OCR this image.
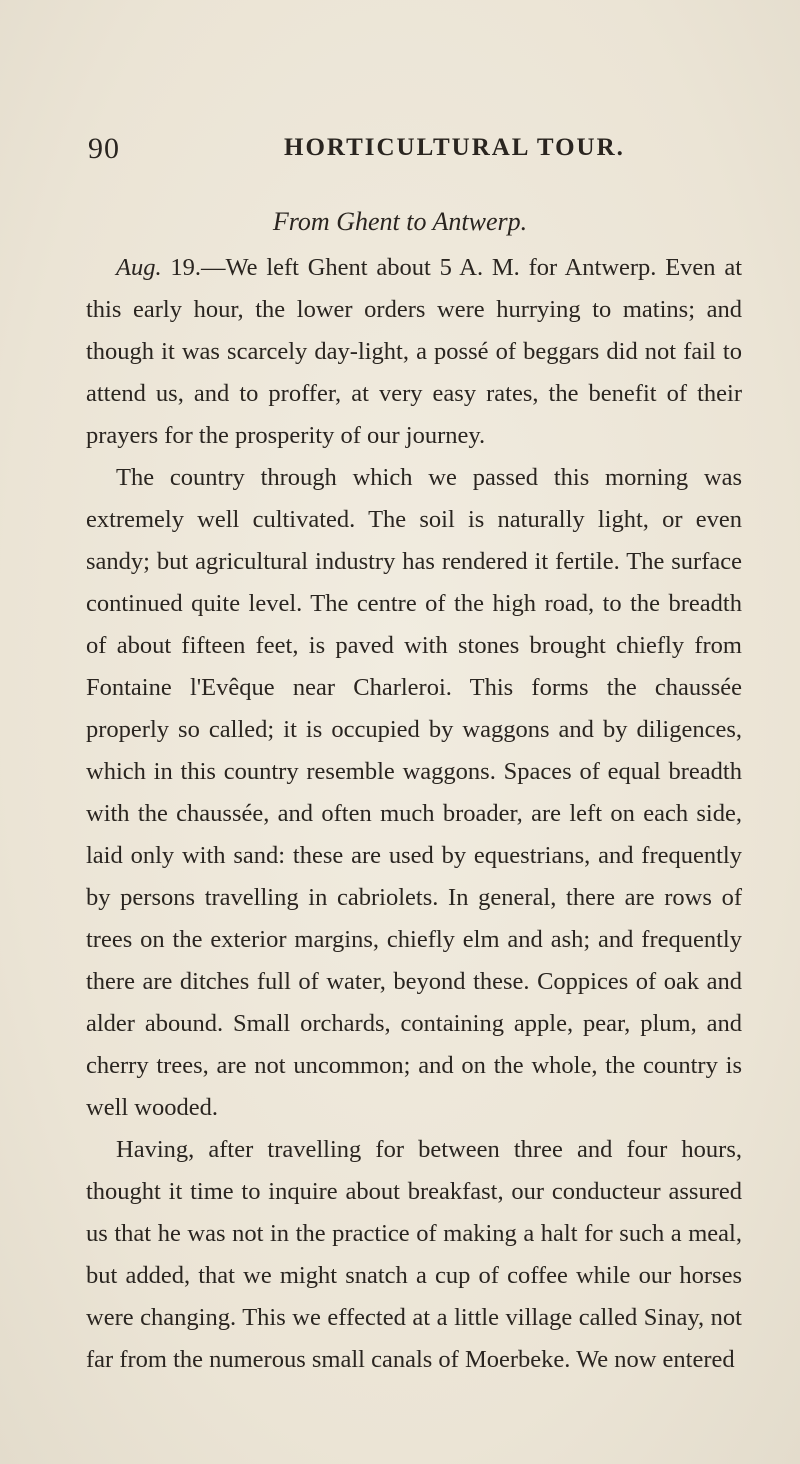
90	HORTICULTURAL TOUR.
From Ghent to Antwerp.

Aug. 19.—We left Ghent about 5 A. M. for Antwerp. Even at this early hour, the lower orders were hurrying to matins; and though it was scarcely day-light, a possé of beggars did not fail to attend us, and to proffer, at very easy rates, the benefit of their prayers for the prosperity of our journey.

The country through which we passed this morning was extremely well cultivated. The soil is naturally light, or even sandy; but agricultural industry has rendered it fertile. The surface continued quite level. The centre of the high road, to the breadth of about fifteen feet, is paved with stones brought chiefly from Fontaine l'Evêque near Charleroi. This forms the chaussée properly so called; it is occupied by waggons and by diligences, which in this country resemble waggons. Spaces of equal breadth with the chaussée, and often much broader, are left on each side, laid only with sand: these are used by equestrians, and frequently by persons travelling in cabriolets. In general, there are rows of trees on the exterior margins, chiefly elm and ash; and frequently there are ditches full of water, beyond these. Coppices of oak and alder abound. Small orchards, containing apple, pear, plum, and cherry trees, are not uncommon; and on the whole, the country is well wooded.

Having, after travelling for between three and four hours, thought it time to inquire about breakfast, our conducteur assured us that he was not in the practice of making a halt for such a meal, but added, that we might snatch a cup of coffee while our horses were changing. This we effected at a little village called Sinay, not far from the numerous small canals of Moerbeke. We now entered
